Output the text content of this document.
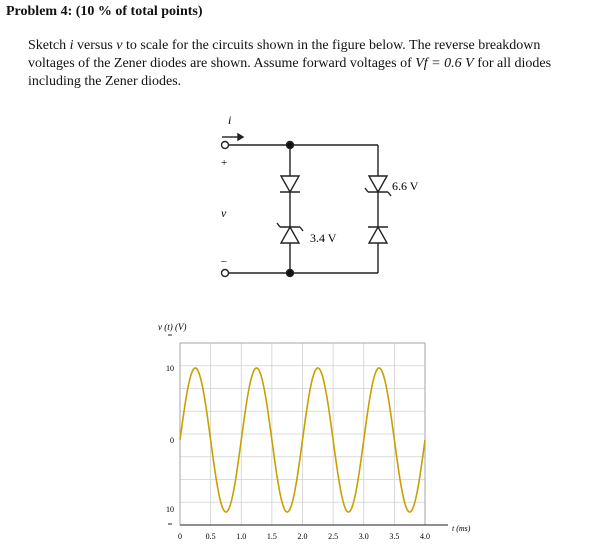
Problem 4: (10 % of total points)
Sketch i versus v to scale for the circuits shown in the figure below. The reverse breakdown
voltages of the Zener diodes are shown. Assume forward voltages of Vf = 0.6 V for all diodes
including the Zener diodes.
i
+
v
–
3.4 V
6.6 V
v (t) (V)
t (ms)
0	0.5	1.0	1.5	2.0	2.5	3.0	3.5	4.0
10
0
10
